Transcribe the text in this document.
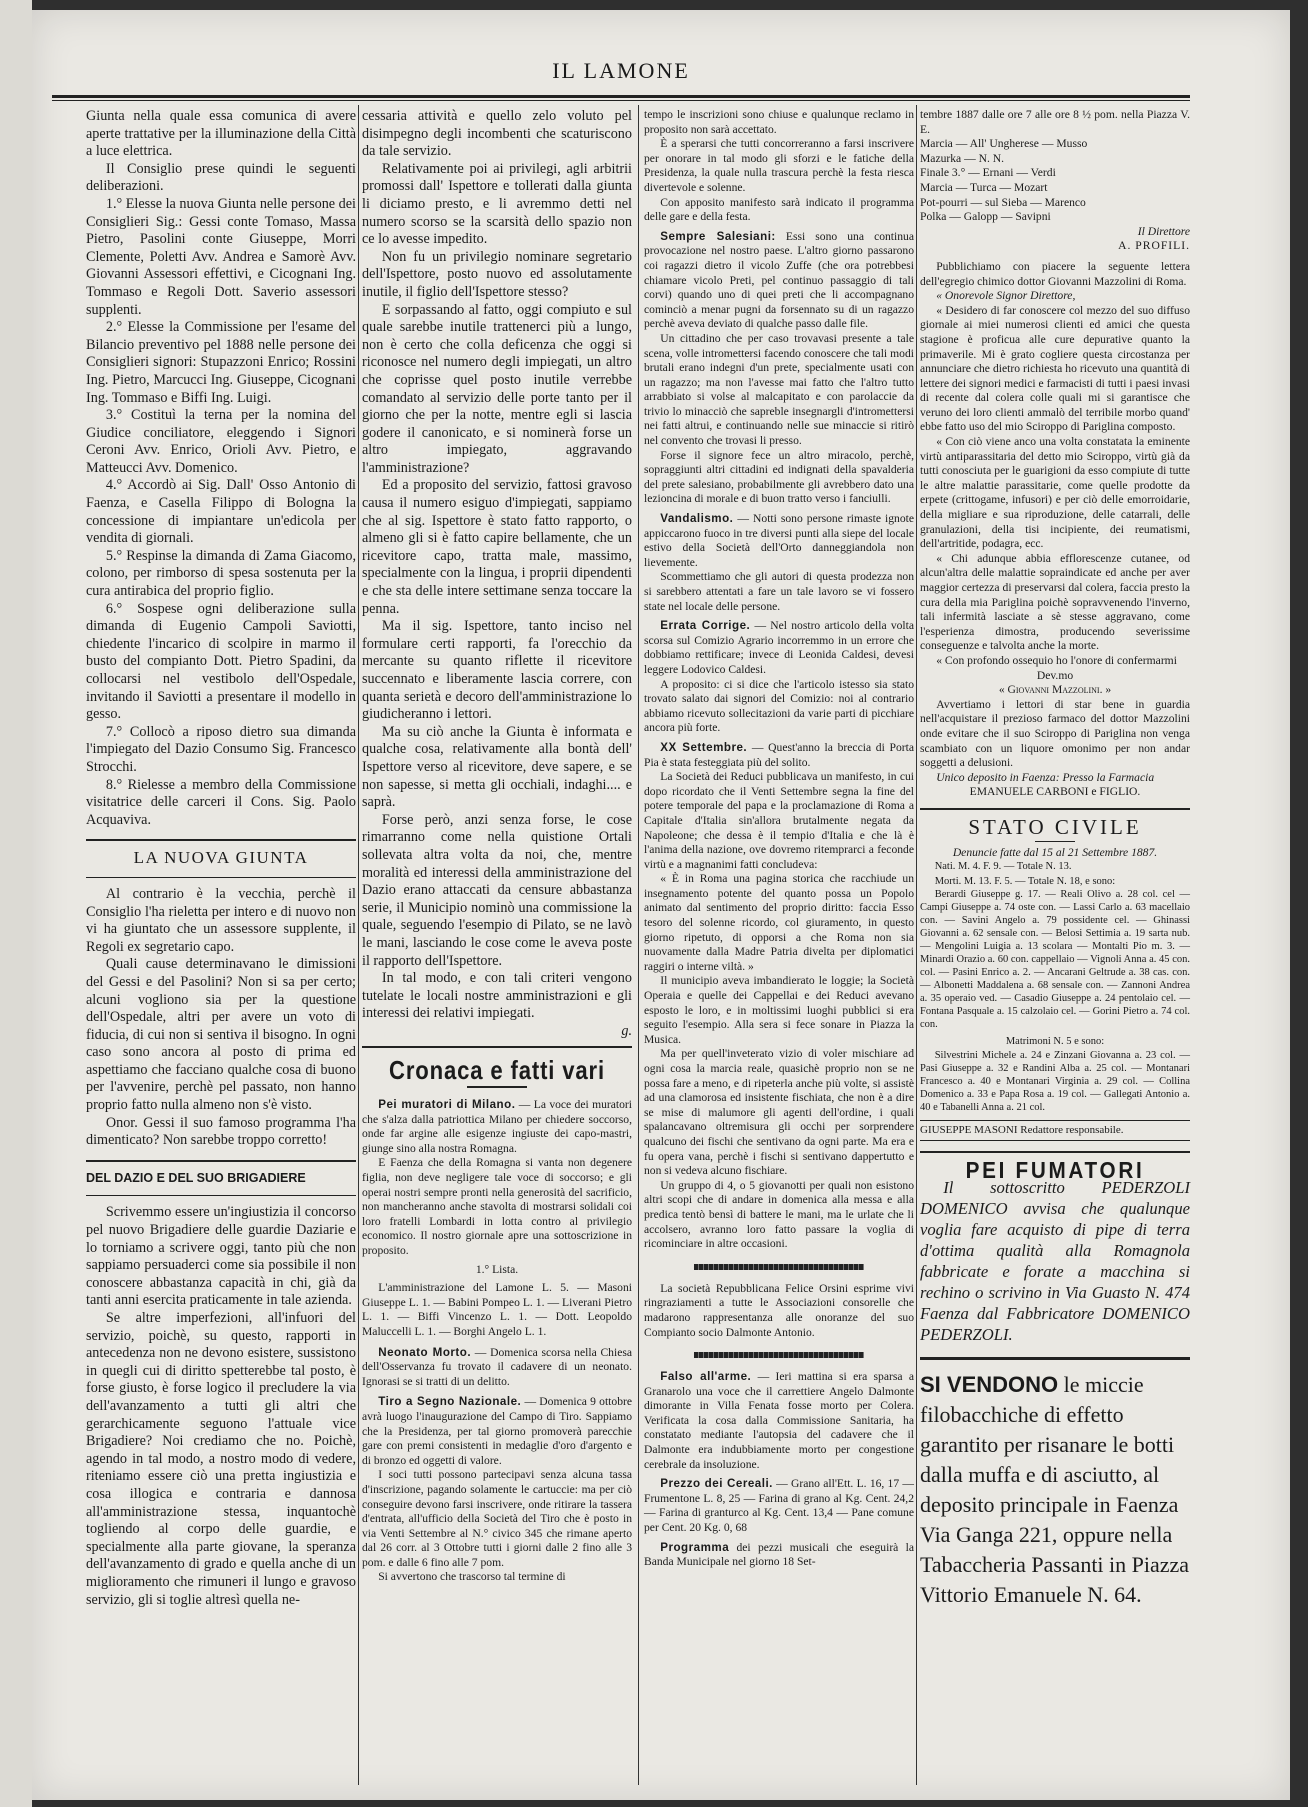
IL LAMONE

Giunta nella quale essa comunica di avere aperte trattative per la illuminazione della Città a luce elettrica.

Il Consiglio prese quindi le seguenti deliberazioni.

1.° Elesse la nuova Giunta nelle persone dei Consiglieri Sig.: Gessi conte Tomaso, Massa Pietro, Pasolini conte Giuseppe, Morri Clemente, Poletti Avv. Andrea e Samorè Avv. Giovanni Assessori effettivi, e Cicognani Ing. Tommaso e Regoli Dott. Saverio assessori supplenti.

2.° Elesse la Commissione per l'esame del Bilancio preventivo pel 1888 nelle persone dei Consiglieri signori: Stupazzoni Enrico; Rossini Ing. Pietro, Marcucci Ing. Giuseppe, Cicognani Ing. Tommaso e Biffi Ing. Luigi.

3.° Costituì la terna per la nomina del Giudice conciliatore, eleggendo i Signori Ceroni Avv. Enrico, Orioli Avv. Pietro, e Matteucci Avv. Domenico.

4.° Accordò ai Sig. Dall' Osso Antonio di Faenza, e Casella Filippo di Bologna la concessione di impiantare un'edicola per vendita di giornali.

5.° Respinse la dimanda di Zama Giacomo, colono, per rimborso di spesa sostenuta per la cura antirabica del proprio figlio.

6.° Sospese ogni deliberazione sulla dimanda di Eugenio Campoli Saviotti, chiedente l'incarico di scolpire in marmo il busto del compianto Dott. Pietro Spadini, da collocarsi nel vestibolo dell'Ospedale, invitando il Saviotti a presentare il modello in gesso.

7.° Collocò a riposo dietro sua dimanda l'impiegato del Dazio Consumo Sig. Francesco Strocchi.

8.° Rielesse a membro della Commissione visitatrice delle carceri il Cons. Sig. Paolo Acquaviva.

LA NUOVA GIUNTA

Al contrario è la vecchia, perchè il Consiglio l'ha rieletta per intero e di nuovo non vi ha giuntato che un assessore supplente, il Regoli ex segretario capo.

Quali cause determinavano le dimissioni del Gessi e del Pasolini? Non si sa per certo; alcuni vogliono sia per la questione dell'Ospedale, altri per avere un voto di fiducia, di cui non si sentiva il bisogno. In ogni caso sono ancora al posto di prima ed aspettiamo che facciano qualche cosa di buono per l'avvenire, perchè pel passato, non hanno proprio fatto nulla almeno non s'è visto.

Onor. Gessi il suo famoso programma l'ha dimenticato? Non sarebbe troppo corretto!

DEL DAZIO E DEL SUO BRIGADIERE

Scrivemmo essere un'ingiustizia il concorso pel nuovo Brigadiere delle guardie Daziarie e lo torniamo a scrivere oggi, tanto più che non sappiamo persuaderci come sia possibile il non conoscere abbastanza capacità in chi, già da tanti anni esercita praticamente in tale azienda.

Se altre imperfezioni, all'infuori del servizio, poichè, su questo, rapporti in antecedenza non ne devono esistere, sussistono in quegli cui di diritto spetterebbe tal posto, è forse giusto, è forse logico il precludere la via dell'avanzamento a tutti gli altri che gerarchicamente seguono l'attuale vice Brigadiere? Noi crediamo che no. Poichè, agendo in tal modo, a nostro modo di vedere, riteniamo essere ciò una pretta ingiustizia e cosa illogica e contraria e dannosa all'amministrazione stessa, inquantochè togliendo al corpo delle guardie, e specialmente alla parte giovane, la speranza dell'avanzamento di grado e quella anche di un miglioramento che rimuneri il lungo e gravoso servizio, gli si toglie altresì quella ne-

cessaria attività e quello zelo voluto pel disimpegno degli incombenti che scaturiscono da tale servizio.

Relativamente poi ai privilegi, agli arbitrii promossi dall' Ispettore e tollerati dalla giunta li diciamo presto, e li avremmo detti nel numero scorso se la scarsità dello spazio non ce lo avesse impedito.

Non fu un privilegio nominare segretario dell'Ispettore, posto nuovo ed assolutamente inutile, il figlio dell'Ispettore stesso?

E sorpassando al fatto, oggi compiuto e sul quale sarebbe inutile trattenerci più a lungo, non è certo che colla deficenza che oggi si riconosce nel numero degli impiegati, un altro che coprisse quel posto inutile verrebbe comandato al servizio delle porte tanto per il giorno che per la notte, mentre egli si lascia godere il canonicato, e si nominerà forse un altro impiegato, aggravando l'amministrazione?

Ed a proposito del servizio, fattosi gravoso causa il numero esiguo d'impiegati, sappiamo che al sig. Ispettore è stato fatto rapporto, o almeno gli si è fatto capire bellamente, che un ricevitore capo, tratta male, massimo, specialmente con la lingua, i proprii dipendenti e che sta delle intere settimane senza toccare la penna.

Ma il sig. Ispettore, tanto inciso nel formulare certi rapporti, fa l'orecchio da mercante su quanto riflette il ricevitore succennato e liberamente lascia correre, con quanta serietà e decoro dell'amministrazione lo giudicheranno i lettori.

Ma su ciò anche la Giunta è informata e qualche cosa, relativamente alla bontà dell' Ispettore verso al ricevitore, deve sapere, e se non sapesse, si metta gli occhiali, indaghi.... e saprà.

Forse però, anzi senza forse, le cose rimarranno come nella quistione Ortali sollevata altra volta da noi, che, mentre moralità ed interessi della amministrazione del Dazio erano attaccati da censure abbastanza serie, il Municipio nominò una commissione la quale, seguendo l'esempio di Pilato, se ne lavò le mani, lasciando le cose come le aveva poste il rapporto dell'Ispettore.

In tal modo, e con tali criteri vengono tutelate le locali nostre amministrazioni e gli interessi dei relativi impiegati.

g.

Cronaca e fatti vari

Pei muratori di Milano. — La voce dei muratori che s'alza dalla patriottica Milano per chiedere soccorso, onde far argine alle esigenze ingiuste dei capo-mastri, giunge sino alla nostra Romagna.

E Faenza che della Romagna si vanta non degenere figlia, non deve negligere tale voce di soccorso; e gli operai nostri sempre pronti nella generosità del sacrificio, non mancheranno anche stavolta di mostrarsi solidali coi loro fratelli Lombardi in lotta contro al privilegio economico. Il nostro giornale apre una sottoscrizione in proposito.

1.° Lista.

L'amministrazione del Lamone L. 5. — Masoni Giuseppe L. 1. — Babini Pompeo L. 1. — Liverani Pietro L. 1. — Biffi Vincenzo L. 1. — Dott. Leopoldo Maluccelli L. 1. — Borghi Angelo L. 1.

Neonato Morto. — Domenica scorsa nella Chiesa dell'Osservanza fu trovato il cadavere di un neonato. Ignorasi se si tratti di un delitto.

Tiro a Segno Nazionale. — Domenica 9 ottobre avrà luogo l'inaugurazione del Campo di Tiro. Sappiamo che la Presidenza, per tal giorno promoverà parecchie gare con premi consistenti in medaglie d'oro d'argento e di bronzo ed oggetti di valore.

I soci tutti possono partecipavi senza alcuna tassa d'inscrizione, pagando solamente le cartuccie: ma per ciò conseguire devono farsi inscrivere, onde ritirare la tassera d'entrata, all'ufficio della Società del Tiro che è posto in via Venti Settembre al N.° civico 345 che rimane aperto dal 26 corr. al 3 Ottobre tutti i giorni dalle 2 fino alle 3 pom. e dalle 6 fino alle 7 pom.

Si avvertono che trascorso tal termine di

tempo le inscrizioni sono chiuse e qualunque reclamo in proposito non sarà accettato.

È a sperarsi che tutti concorreranno a farsi inscrivere per onorare in tal modo gli sforzi e le fatiche della Presidenza, la quale nulla trascura perchè la festa riesca divertevole e solenne.

Con apposito manifesto sarà indicato il programma delle gare e della festa.

Sempre Salesiani: Essi sono una continua provocazione nel nostro paese. L'altro giorno passarono coi ragazzi dietro il vicolo Zuffe (che ora potrebbesi chiamare vicolo Preti, pel continuo passaggio di tali corvi) quando uno di quei preti che li accompagnano cominciò a menar pugni da forsennato su di un ragazzo perchè aveva deviato di qualche passo dalle file.

Un cittadino che per caso trovavasi presente a tale scena, volle intromettersi facendo conoscere che tali modi brutali erano indegni d'un prete, specialmente usati con un ragazzo; ma non l'avesse mai fatto che l'altro tutto arrabbiato si volse al malcapitato e con parolaccie da trivio lo minacciò che sapreble insegnargli d'intromettersi nei fatti altrui, e continuando nelle sue minaccie si ritirò nel convento che trovasi li presso.

Forse il signore fece un altro miracolo, perchè, sopraggiunti altri cittadini ed indignati della spavalderia del prete salesiano, probabilmente gli avrebbero dato una lezioncina di morale e di buon tratto verso i fanciulli.

Vandalismo. — Notti sono persone rimaste ignote appiccarono fuoco in tre diversi punti alla siepe del locale estivo della Società dell'Orto danneggiandola non lievemente.

Scommettiamo che gli autori di questa prodezza non si sarebbero attentati a fare un tale lavoro se vi fossero state nel locale delle persone.

Errata Corrige. — Nel nostro articolo della volta scorsa sul Comizio Agrario incorremmo in un errore che dobbiamo rettificare; invece di Leonida Caldesi, devesi leggere Lodovico Caldesi.

A proposito: ci si dice che l'articolo istesso sia stato trovato salato dai signori del Comizio: noi al contrario abbiamo ricevuto sollecitazioni da varie parti di picchiare ancora più forte.

XX Settembre. — Quest'anno la breccia di Porta Pia è stata festeggiata più del solito.

La Società dei Reduci pubblicava un manifesto, in cui dopo ricordato che il Venti Settembre segna la fine del potere temporale del papa e la proclamazione di Roma a Capitale d'Italia sin'allora brutalmente negata da Napoleone; che dessa è il tempio d'Italia e che là è l'anima della nazione, ove dovremo ritemprarci a feconde virtù e a magnanimi fatti concludeva:

« È in Roma una pagina storica che racchiude un insegnamento potente del quanto possa un Popolo animato dal sentimento del proprio diritto: faccia Esso tesoro del solenne ricordo, col giuramento, in questo giorno ripetuto, di opporsi a che Roma non sia nuovamente dalla Madre Patria divelta per diplomatici raggiri o interne viltà. »

Il municipio aveva imbandierato le loggie; la Società Operaia e quelle dei Cappellai e dei Reduci avevano esposto le loro, e in moltissimi luoghi pubblici si era seguito l'esempio. Alla sera si fece sonare in Piazza la Musica.

Ma per quell'inveterato vizio di voler mischiare ad ogni cosa la marcia reale, quasichè proprio non se ne possa fare a meno, e di ripeterla anche più volte, si assistè ad una clamorosa ed insistente fischiata, che non è a dire se mise di malumore gli agenti dell'ordine, i quali spalancavano oltremisura gli occhi per sorprendere qualcuno dei fischi che sentivano da ogni parte. Ma era e fu opera vana, perchè i fischi si sentivano dappertutto e non si vedeva alcuno fischiare.

Un gruppo di 4, o 5 giovanotti per quali non esistono altri scopi che di andare in domenica alla messa e alla predica tentò bensì di battere le mani, ma le urlate che li accolsero, avranno loro fatto passare la voglia di ricominciare in altre occasioni.

La società Repubblicana Felice Orsini esprime vivi ringraziamenti a tutte le Associazioni consorelle che madarono rappresentanza alle onoranze del suo Compianto socio Dalmonte Antonio.

Falso all'arme. — Ieri mattina si era sparsa a Granarolo una voce che il carrettiere Angelo Dalmonte dimorante in Villa Fenata fosse morto per Colera. Verificata la cosa dalla Commissione Sanitaria, ha constatato mediante l'autopsia del cadavere che il Dalmonte era indubbiamente morto per congestione cerebrale da insoluzione.

Prezzo dei Cereali. — Grano all'Ett. L. 16, 17 — Frumentone L. 8, 25 — Farina di grano al Kg. Cent. 24,2 — Farina di granturco al Kg. Cent. 13,4 — Pane comune per Cent. 20 Kg. 0, 68

Programma dei pezzi musicali che eseguirà la Banda Municipale nel giorno 18 Set-

tembre 1887 dalle ore 7 alle ore 8 ½ pom. nella Piazza V. E.

Marcia — All' Ungherese — Musso

Mazurka — N. N.

Finale 3.° — Ernani — Verdi

Marcia — Turca — Mozart

Pot-pourri — sul Sieba — Marenco

Polka — Galopp — Savipni

Il Direttore

A. PROFILI.

Pubblichiamo con piacere la seguente lettera dell'egregio chimico dottor Giovanni Mazzolini di Roma.

« Onorevole Signor Direttore,

« Desidero di far conoscere col mezzo del suo diffuso giornale ai miei numerosi clienti ed amici che questa stagione è proficua alle cure depurative quanto la primaverile. Mi è grato cogliere questa circostanza per annunciare che dietro richiesta ho ricevuto una quantità di lettere dei signori medici e farmacisti di tutti i paesi invasi di recente dal colera colle quali mi si garantisce che veruno dei loro clienti ammalò del terribile morbo quand' ebbe fatto uso del mio Sciroppo di Pariglina composto.

« Con ciò viene anco una volta constatata la eminente virtù antiparassitaria del detto mio Sciroppo, virtù già da tutti conosciuta per le guarigioni da esso compiute di tutte le altre malattie parassitarie, come quelle prodotte da erpete (crittogame, infusori) e per ciò delle emorroidarie, della migliare e sua riproduzione, delle catarrali, delle granulazioni, della tisi incipiente, dei reumatismi, dell'artritide, podagra, ecc.

« Chi adunque abbia efflorescenze cutanee, od alcun'altra delle malattie sopraindicate ed anche per aver maggior certezza di preservarsi dal colera, faccia presto la cura della mia Pariglina poichè sopravvenendo l'inverno, tali infermità lasciate a sè stesse aggravano, come l'esperienza dimostra, producendo severissime conseguenze e talvolta anche la morte.

« Con profondo ossequio ho l'onore di confermarmi

Dev.mo

« Giovanni Mazzolini. »

Avvertiamo i lettori di star bene in guardia nell'acquistare il prezioso farmaco del dottor Mazzolini onde evitare che il suo Sciroppo di Pariglina non venga scambiato con un liquore omonimo per non andar soggetti a delusioni.

Unico deposito in Faenza: Presso la Farmacia

EMANUELE CARBONI e FIGLIO.

STATO CIVILE

Denuncie fatte dal 15 al 21 Settembre 1887.

Nati. M. 4. F. 9. — Totale N. 13.

Morti. M. 13. F. 5. — Totale N. 18, e sono:

Berardi Giuseppe g. 17. — Reali Olivo a. 28 col. cel — Campi Giuseppe a. 74 oste con. — Lassi Carlo a. 63 macellaio con. — Savini Angelo a. 79 possidente cel. — Ghinassi Giovanni a. 62 sensale con. — Belosi Settimia a. 19 sarta nub. — Mengolini Luigia a. 13 scolara — Montalti Pio m. 3. — Minardi Orazio a. 60 con. cappellaio — Vignoli Anna a. 45 con. col. — Pasini Enrico a. 2. — Ancarani Geltrude a. 38 cas. con. — Albonetti Maddalena a. 68 sensale con. — Zannoni Andrea a. 35 operaio ved. — Casadio Giuseppe a. 24 pentolaio cel. — Fontana Pasquale a. 15 calzolaio cel. — Gorini Pietro a. 74 col. con.

Matrimoni N. 5 e sono:

Silvestrini Michele a. 24 e Zinzani Giovanna a. 23 col. — Pasi Giuseppe a. 32 e Randini Alba a. 25 col. — Montanari Francesco a. 40 e Montanari Virginia a. 29 col. — Collina Domenico a. 33 e Papa Rosa a. 19 col. — Gallegati Antonio a. 40 e Tabanelli Anna a. 21 col.

GIUSEPPE MASONI Redattore responsabile.

PEI FUMATORI

Il sottoscritto PEDERZOLI DOMENICO avvisa che qualunque voglia fare acquisto di pipe di terra d'ottima qualità alla Romagnola fabbricate e forate a macchina si rechino o scrivino in Via Guasto N. 474 Faenza dal Fabbricatore DOMENICO PEDERZOLI.

SI VENDONO le miccie filobacchiche di effetto garantito per risanare le botti dalla muffa e di asciutto, al deposito principale in Faenza Via Ganga 221, oppure nella Tabaccheria Passanti in Piazza Vittorio Emanuele N. 64.
